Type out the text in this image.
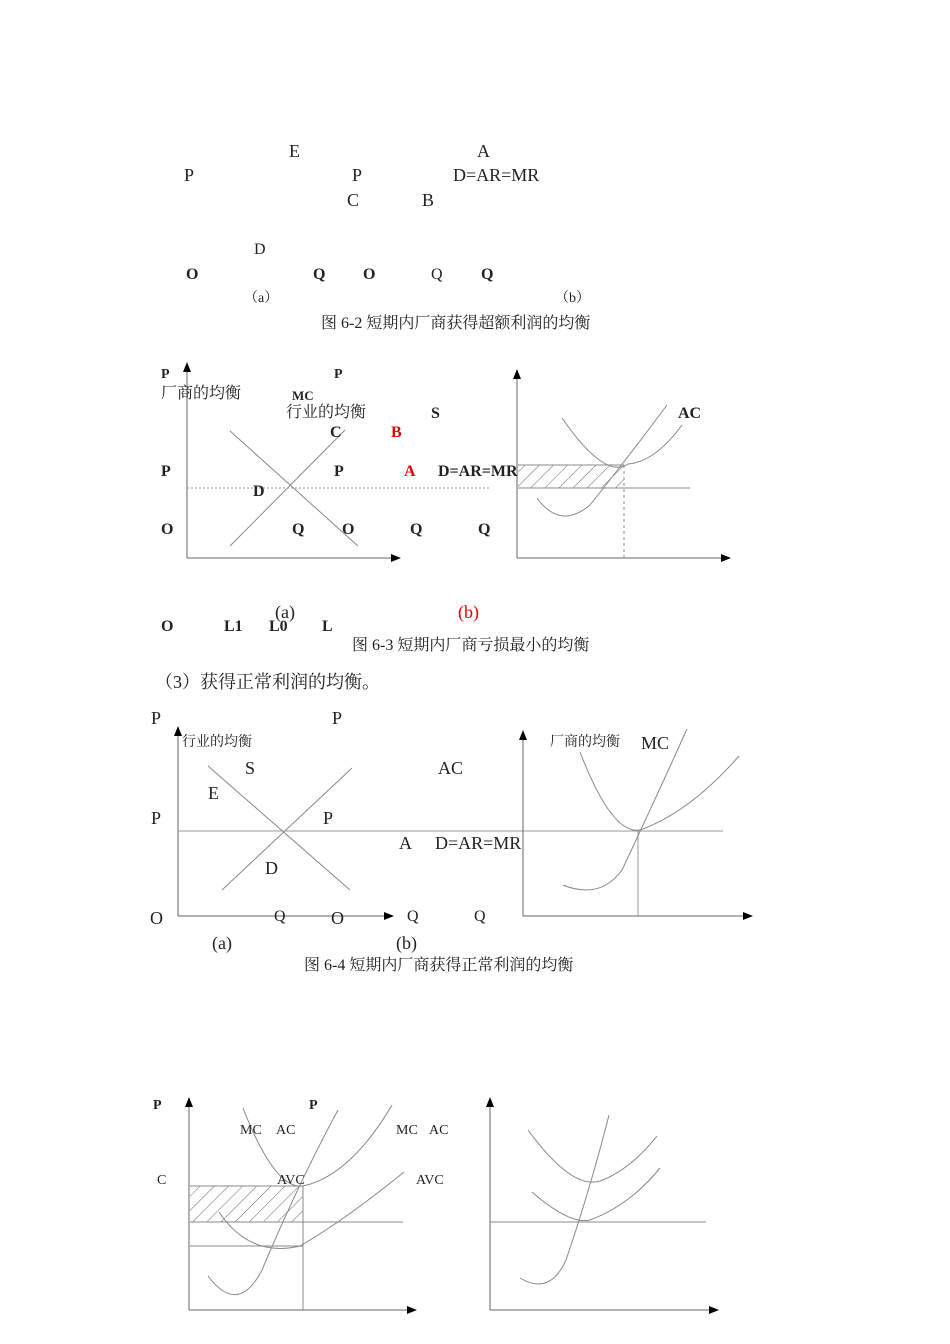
E	A
P	P	D=AR=MR
C	B
D
O	Q O	Q Q
（a）	（b）
图 6-2 短期内厂商获得超额利润的均衡
P	P
厂商的均衡	MC
行业的均衡	S	AC
C	B
P	P	A D=AR=MR
D
O	Q O	Q	Q
(a)	(b)
O	L1 L0 L
图 6-3 短期内厂商亏损最小的均衡
（3）获得正常利润的均衡。
P	P
行业的均衡	厂商的均衡 MC
S	AC
E
P	P
A D=AR=MR
D
O	Q	O	Q	Q
(a)	(b)
图 6-4 短期内厂商获得正常利润的均衡
P	P
MC AC	MC AC
C	AVC	AVC
